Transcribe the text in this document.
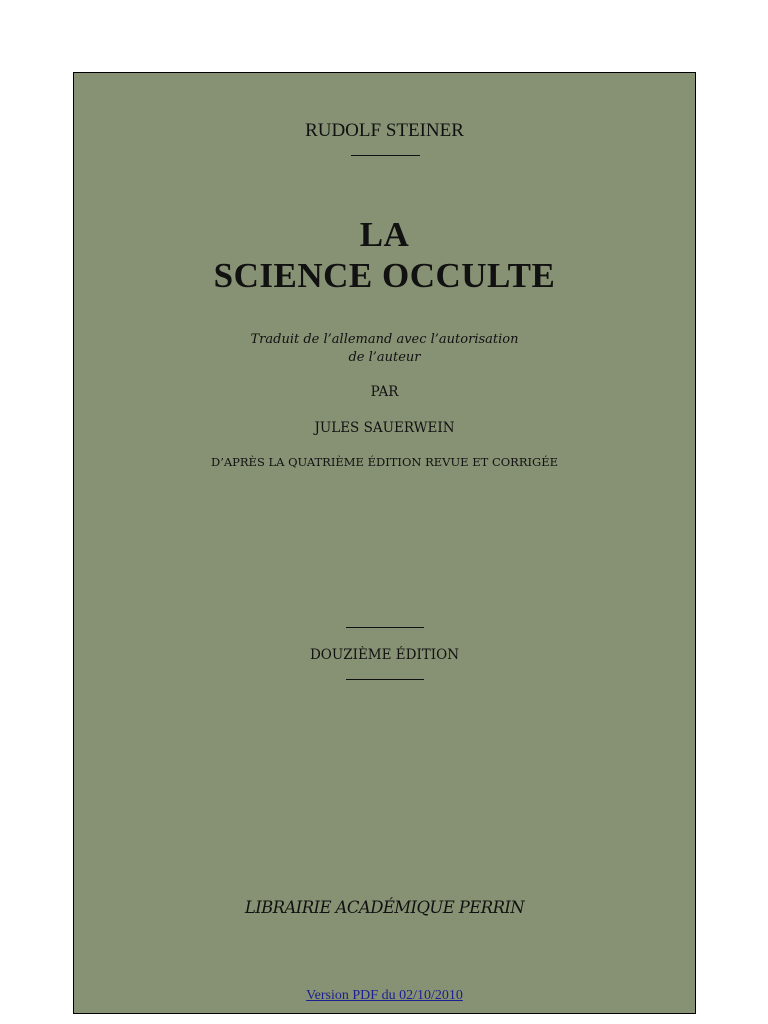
RUDOLF STEINER
LA
SCIENCE OCCULTE
Traduit de l’allemand avec l’autorisation
de l’auteur
PAR
JULES SAUERWEIN
D’APRÈS LA QUATRIÈME ÉDITION REVUE ET CORRIGÉE
DOUZIÈME ÉDITION
LIBRAIRIE ACADÉMIQUE PERRIN
Version PDF du 02/10/2010
